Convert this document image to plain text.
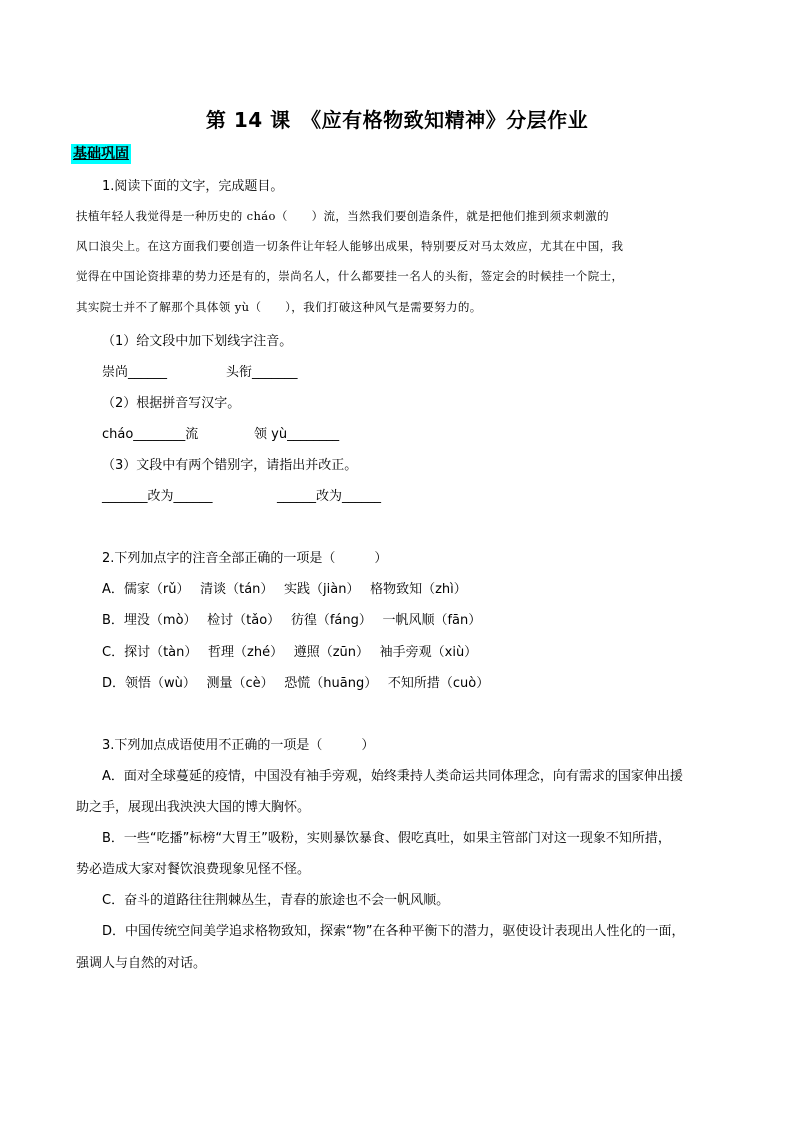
第 14 课　《应有格物致知精神》分层作业
基础巩固
1.阅读下面的文字，完成题目。
扶植年轻人我觉得是一种历史的 cháo（　　）流，当然我们要创造条件，就是把他们推到须求刺激的
风口浪尖上。在这方面我们要创造一切条件让年轻人能够出成果，特别要反对马太效应，尤其在中国，我
觉得在中国论资排辈的势力还是有的，崇尚名人，什么都要挂一名人的头衔，签定会的时候挂一个院士，
其实院士并不了解那个具体领 yù（　　），我们打破这种风气是需要努力的。
（1）给文段中加下划线字注音。
崇尚______	头衔_______
（2）根据拼音写汉字。
cháo________流	领 yù________
（3）文段中有两个错别字，请指出并改正。
_______改为______	______改为______
2.下列加点字的注音全部正确的一项是（　　　）
A．儒家（rǔ）　 清谈（tán）　 实践（jiàn）　 格物致知（zhì）
B．埋没（mò）　 检讨（tǎo）　 彷徨（fáng）　 一帆风顺（fān）
C．探讨（tàn）　 哲理（zhé）　 遵照（zūn）　 袖手旁观（xiù）
D．领悟（wù）　 测量（cè）　 恐慌（huāng）　 不知所措（cuò）
3.下列加点成语使用不正确的一项是（　　　）
A．面对全球蔓延的疫情，中国没有袖手旁观，始终秉持人类命运共同体理念，向有需求的国家伸出援
助之手，展现出我泱泱大国的博大胸怀。
B．一些“吃播”标榜“大胃王”吸粉，实则暴饮暴食、假吃真吐，如果主管部门对这一现象不知所措，
势必造成大家对餐饮浪费现象见怪不怪。
C．奋斗的道路往往荆棘丛生，青春的旅途也不会一帆风顺。
D．中国传统空间美学追求格物致知，探索“物”在各种平衡下的潜力，驱使设计表现出人性化的一面，
强调人与自然的对话。
